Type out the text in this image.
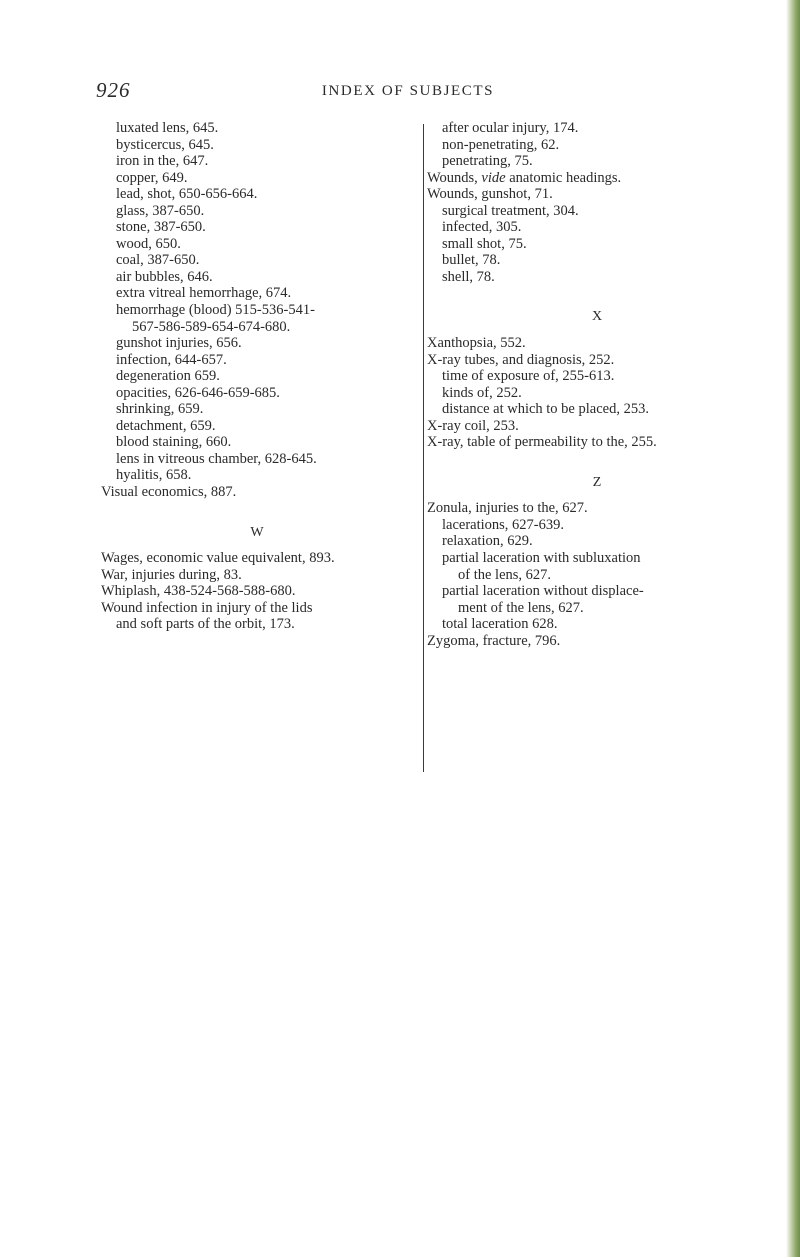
926	INDEX OF SUBJECTS
luxated lens, 645.
bysticercus, 645.
iron in the, 647.
copper, 649.
lead, shot, 650-656-664.
glass, 387-650.
stone, 387-650.
wood, 650.
coal, 387-650.
air bubbles, 646.
extra vitreal hemorrhage, 674.
hemorrhage (blood) 515-536-541-
567-586-589-654-674-680.
gunshot injuries, 656.
infection, 644-657.
degeneration 659.
opacities, 626-646-659-685.
shrinking, 659.
detachment, 659.
blood staining, 660.
lens in vitreous chamber, 628-645.
hyalitis, 658.
Visual economics, 887.
W
Wages, economic value equivalent, 893.
War, injuries during, 83.
Whiplash, 438-524-568-588-680.
Wound infection in injury of the lids
and soft parts of the orbit, 173.
after ocular injury, 174.
non-penetrating, 62.
penetrating, 75.
Wounds, vide anatomic headings.
Wounds, gunshot, 71.
surgical treatment, 304.
infected, 305.
small shot, 75.
bullet, 78.
shell, 78.
X
Xanthopsia, 552.
X-ray tubes, and diagnosis, 252.
time of exposure of, 255-613.
kinds of, 252.
distance at which to be placed, 253.
X-ray coil, 253.
X-ray, table of permeability to the, 255.
Z
Zonula, injuries to the, 627.
lacerations, 627-639.
relaxation, 629.
partial laceration with subluxation
of the lens, 627.
partial laceration without displace-
ment of the lens, 627.
total laceration 628.
Zygoma, fracture, 796.
